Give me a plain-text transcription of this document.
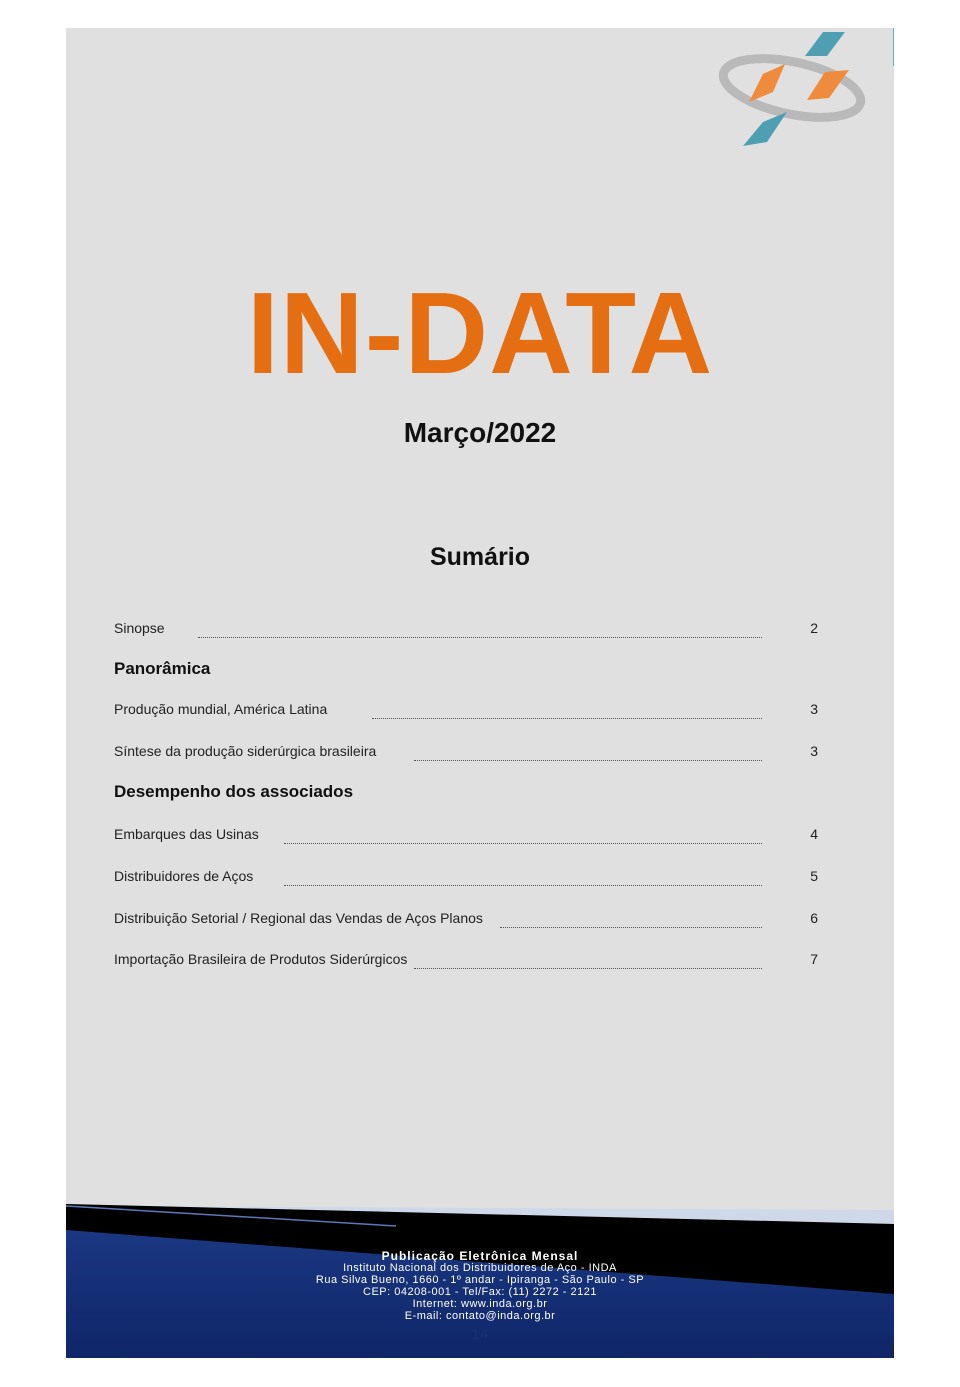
IN-DATA
Março/2022
Sumário
Sinopse	2
Panorâmica
Produção mundial, América Latina	3
Síntese da produção siderúrgica brasileira	3
Desempenho dos associados
Embarques das Usinas	4
Distribuidores de Aços	5
Distribuição Setorial / Regional das Vendas de Aços Planos	6
Importação Brasileira de Produtos Siderúrgicos	7
Publicação Eletrônica Mensal
Instituto Nacional dos Distribuidores de Aço - INDA
Rua Silva Bueno, 1660 - 1º andar - Ipiranga - São Paulo - SP
CEP: 04208-001 - Tel/Fax: (11) 2272 - 2121
Internet: www.inda.org.br
E-mail: contato@inda.org.br
14
